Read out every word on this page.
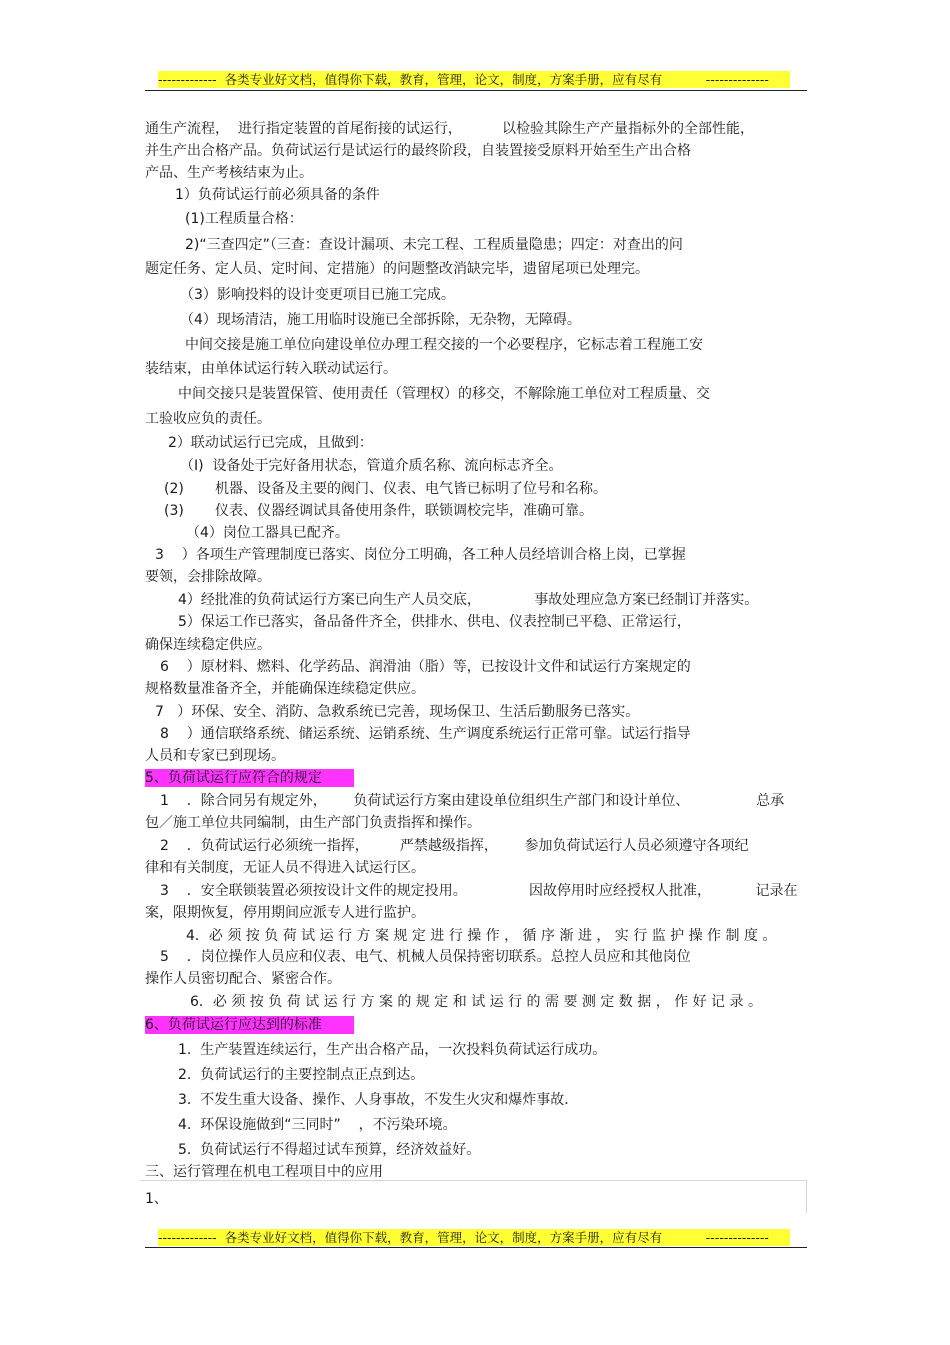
-------------  各类专业好文档，值得你下载，教育，管理，论文，制度，方案手册，应有尽有           --------------
通生产流程，  进行指定装置的首尾衔接的试运行，         以检验其除生产产量指标外的全部性能，
并生产出合格产品。负荷试运行是试运行的最终阶段，自装置接受原料开始至生产出合格
产品、生产考核结束为止。
1）负荷试运行前必须具备的条件
(1)工程质量合格：
2)“三查四定”（三查：查设计漏项、未完工程、工程质量隐患；四定：对查出的问
题定任务、定人员、定时间、定措施）的问题整改消缺完毕，遗留尾项已处理完。
（3）影响投料的设计变更项目已施工完成。
（4）现场清洁，施工用临时设施已全部拆除，无杂物，无障碍。
中间交接是施工单位向建设单位办理工程交接的一个必要程序，它标志着工程施工安
装结束，由单体试运行转入联动试运行。
中间交接只是装置保管、使用责任（管理权）的移交，不解除施工单位对工程质量、交
工验收应负的责任。
2）联动试运行已完成，且做到：
（I)  设备处于完好备用状态，管道介质名称、流向标志齐全。
(2)       机器、设备及主要的阀门、仪表、电气皆已标明了位号和名称。
(3)       仪表、仪器经调试具备使用条件，联锁调校完毕，准确可靠。
（4）岗位工器具已配齐。
3    ）各项生产管理制度已落实、岗位分工明确，各工种人员经培训合格上岗，已掌握
要领，会排除故障。
4）经批准的负荷试运行方案已向生产人员交底，            事故处理应急方案已经制订并落实。
5）保运工作已落实，备品备件齐全，供排水、供电、仪表控制已平稳、正常运行，
确保连续稳定供应。
6    ）原材料、燃料、化学药品、润滑油（脂）等，已按设计文件和试运行方案规定的
规格数量准备齐全，并能确保连续稳定供应。
7   ）环保、安全、消防、急救系统已完善，现场保卫、生活后勤服务已落实。
8    ）通信联络系统、储运系统、运销系统、生产调度系统运行正常可靠。试运行指导
人员和专家已到现场。
5、负荷试运行应符合的规定
1    ．除合同另有规定外，      负荷试运行方案由建设单位组织生产部门和设计单位、               总承
包／施工单位共同编制，由生产部门负责指挥和操作。
2    ．负荷试运行必须统一指挥，       严禁越级指挥，      参加负荷试运行人员必须遵守各项纪
律和有关制度，无证人员不得进入试运行区。
3    ．安全联锁装置必须按设计文件的规定投用。              因故停用时应经授权人批准，          记录在
案，限期恢复，停用期间应派专人进行监护。
4．必 须 按 负 荷 试 运 行 方 案 规 定 进 行 操 作 ， 循 序 渐 进 ， 实 行 监 护 操 作 制 度 。
5    ．岗位操作人员应和仪表、电气、机械人员保持密切联系。总控人员应和其他岗位
操作人员密切配合、紧密合作。
6．必 须 按 负 荷 试 运 行 方 案 的 规 定 和 试 运 行 的 需 要 测 定 数 据 ， 作 好 记 录 。
6、负荷试运行应达到的标准
1.  生产装置连续运行，生产出合格产品，一次投料负荷试运行成功。
2.  负荷试运行的主要控制点正点到达。
3.  不发生重大设备、操作、人身事故，不发生火灾和爆炸事故.
4.  环保设施做到“三同时”    ，不污染环境。
5.  负荷试运行不得超过试车预算，经济效益好。
三、运行管理在机电工程项目中的应用
1、
-------------  各类专业好文档，值得你下载，教育，管理，论文，制度，方案手册，应有尽有           --------------
